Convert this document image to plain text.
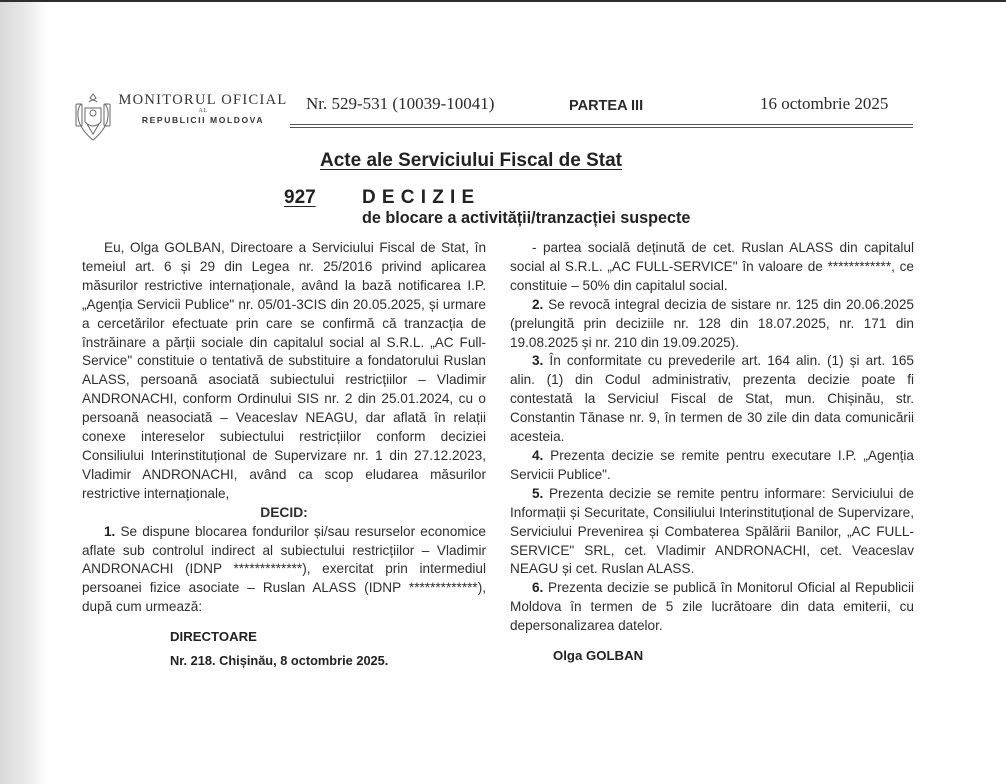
MONITORUL OFICIAL
AL
REPUBLICII MOLDOVA
Nr. 529-531 (10039-10041)	PARTEA III	16 octombrie 2025
Acte ale Serviciului Fiscal de Stat
927 DECIZIE
de blocare a activității/tranzacției suspecte

Eu, Olga GOLBAN, Directoare a Serviciului Fiscal de Stat, în temeiul art. 6 și 29 din Legea nr. 25/2016 privind aplicarea măsurilor restrictive internaționale, având la bază notificarea I.P. „Agenția Servicii Publice" nr. 05/01-3CIS din 20.05.2025, și urmare a cercetărilor efectuate prin care se confirmă că tranzacția de înstrăinare a părții sociale din capitalul social al S.R.L. „AC Full-Service" constituie o tentativă de substituire a fondatorului Ruslan ALASS, persoană asociată subiectului restricțiilor – Vladimir ANDRONACHI, conform Ordinului SIS nr. 2 din 25.01.2024, cu o persoană neasociată – Veaceslav NEAGU, dar aflată în relații conexe intereselor subiectului restricțiilor conform deciziei Consiliului Interinstituțional de Supervizare nr. 1 din 27.12.2023, Vladimir ANDRONACHI, având ca scop eludarea măsurilor restrictive internaționale,

DECID:

1. Se dispune blocarea fondurilor și/sau resurselor economice aflate sub controlul indirect al subiectului restricțiilor – Vladimir ANDRONACHI (IDNP *************), exercitat prin intermediul persoanei fizice asociate – Ruslan ALASS (IDNP *************), după cum urmează:

DIRECTOARE
Nr. 218. Chișinău, 8 octombrie 2025.

- partea socială deținută de cet. Ruslan ALASS din capitalul social al S.R.L. „AC FULL-SERVICE" în valoare de ************, ce constituie – 50% din capitalul social.

2. Se revocă integral decizia de sistare nr. 125 din 20.06.2025 (prelungită prin deciziile nr. 128 din 18.07.2025, nr. 171 din 19.08.2025 și nr. 210 din 19.09.2025).

3. În conformitate cu prevederile art. 164 alin. (1) și art. 165 alin. (1) din Codul administrativ, prezenta decizie poate fi contestată la Serviciul Fiscal de Stat, mun. Chișinău, str. Constantin Tănase nr. 9, în termen de 30 zile din data comunicării acesteia.

4. Prezenta decizie se remite pentru executare I.P. „Agenția Servicii Publice".

5. Prezenta decizie se remite pentru informare: Serviciului de Informații și Securitate, Consiliului Interinstituțional de Supervizare, Serviciului Prevenirea și Combaterea Spălării Banilor, „AC FULL-SERVICE" SRL, cet. Vladimir ANDRONACHI, cet. Veaceslav NEAGU și cet. Ruslan ALASS.

6. Prezenta decizie se publică în Monitorul Oficial al Republicii Moldova în termen de 5 zile lucrătoare din data emiterii, cu depersonalizarea datelor.

Olga GOLBAN
